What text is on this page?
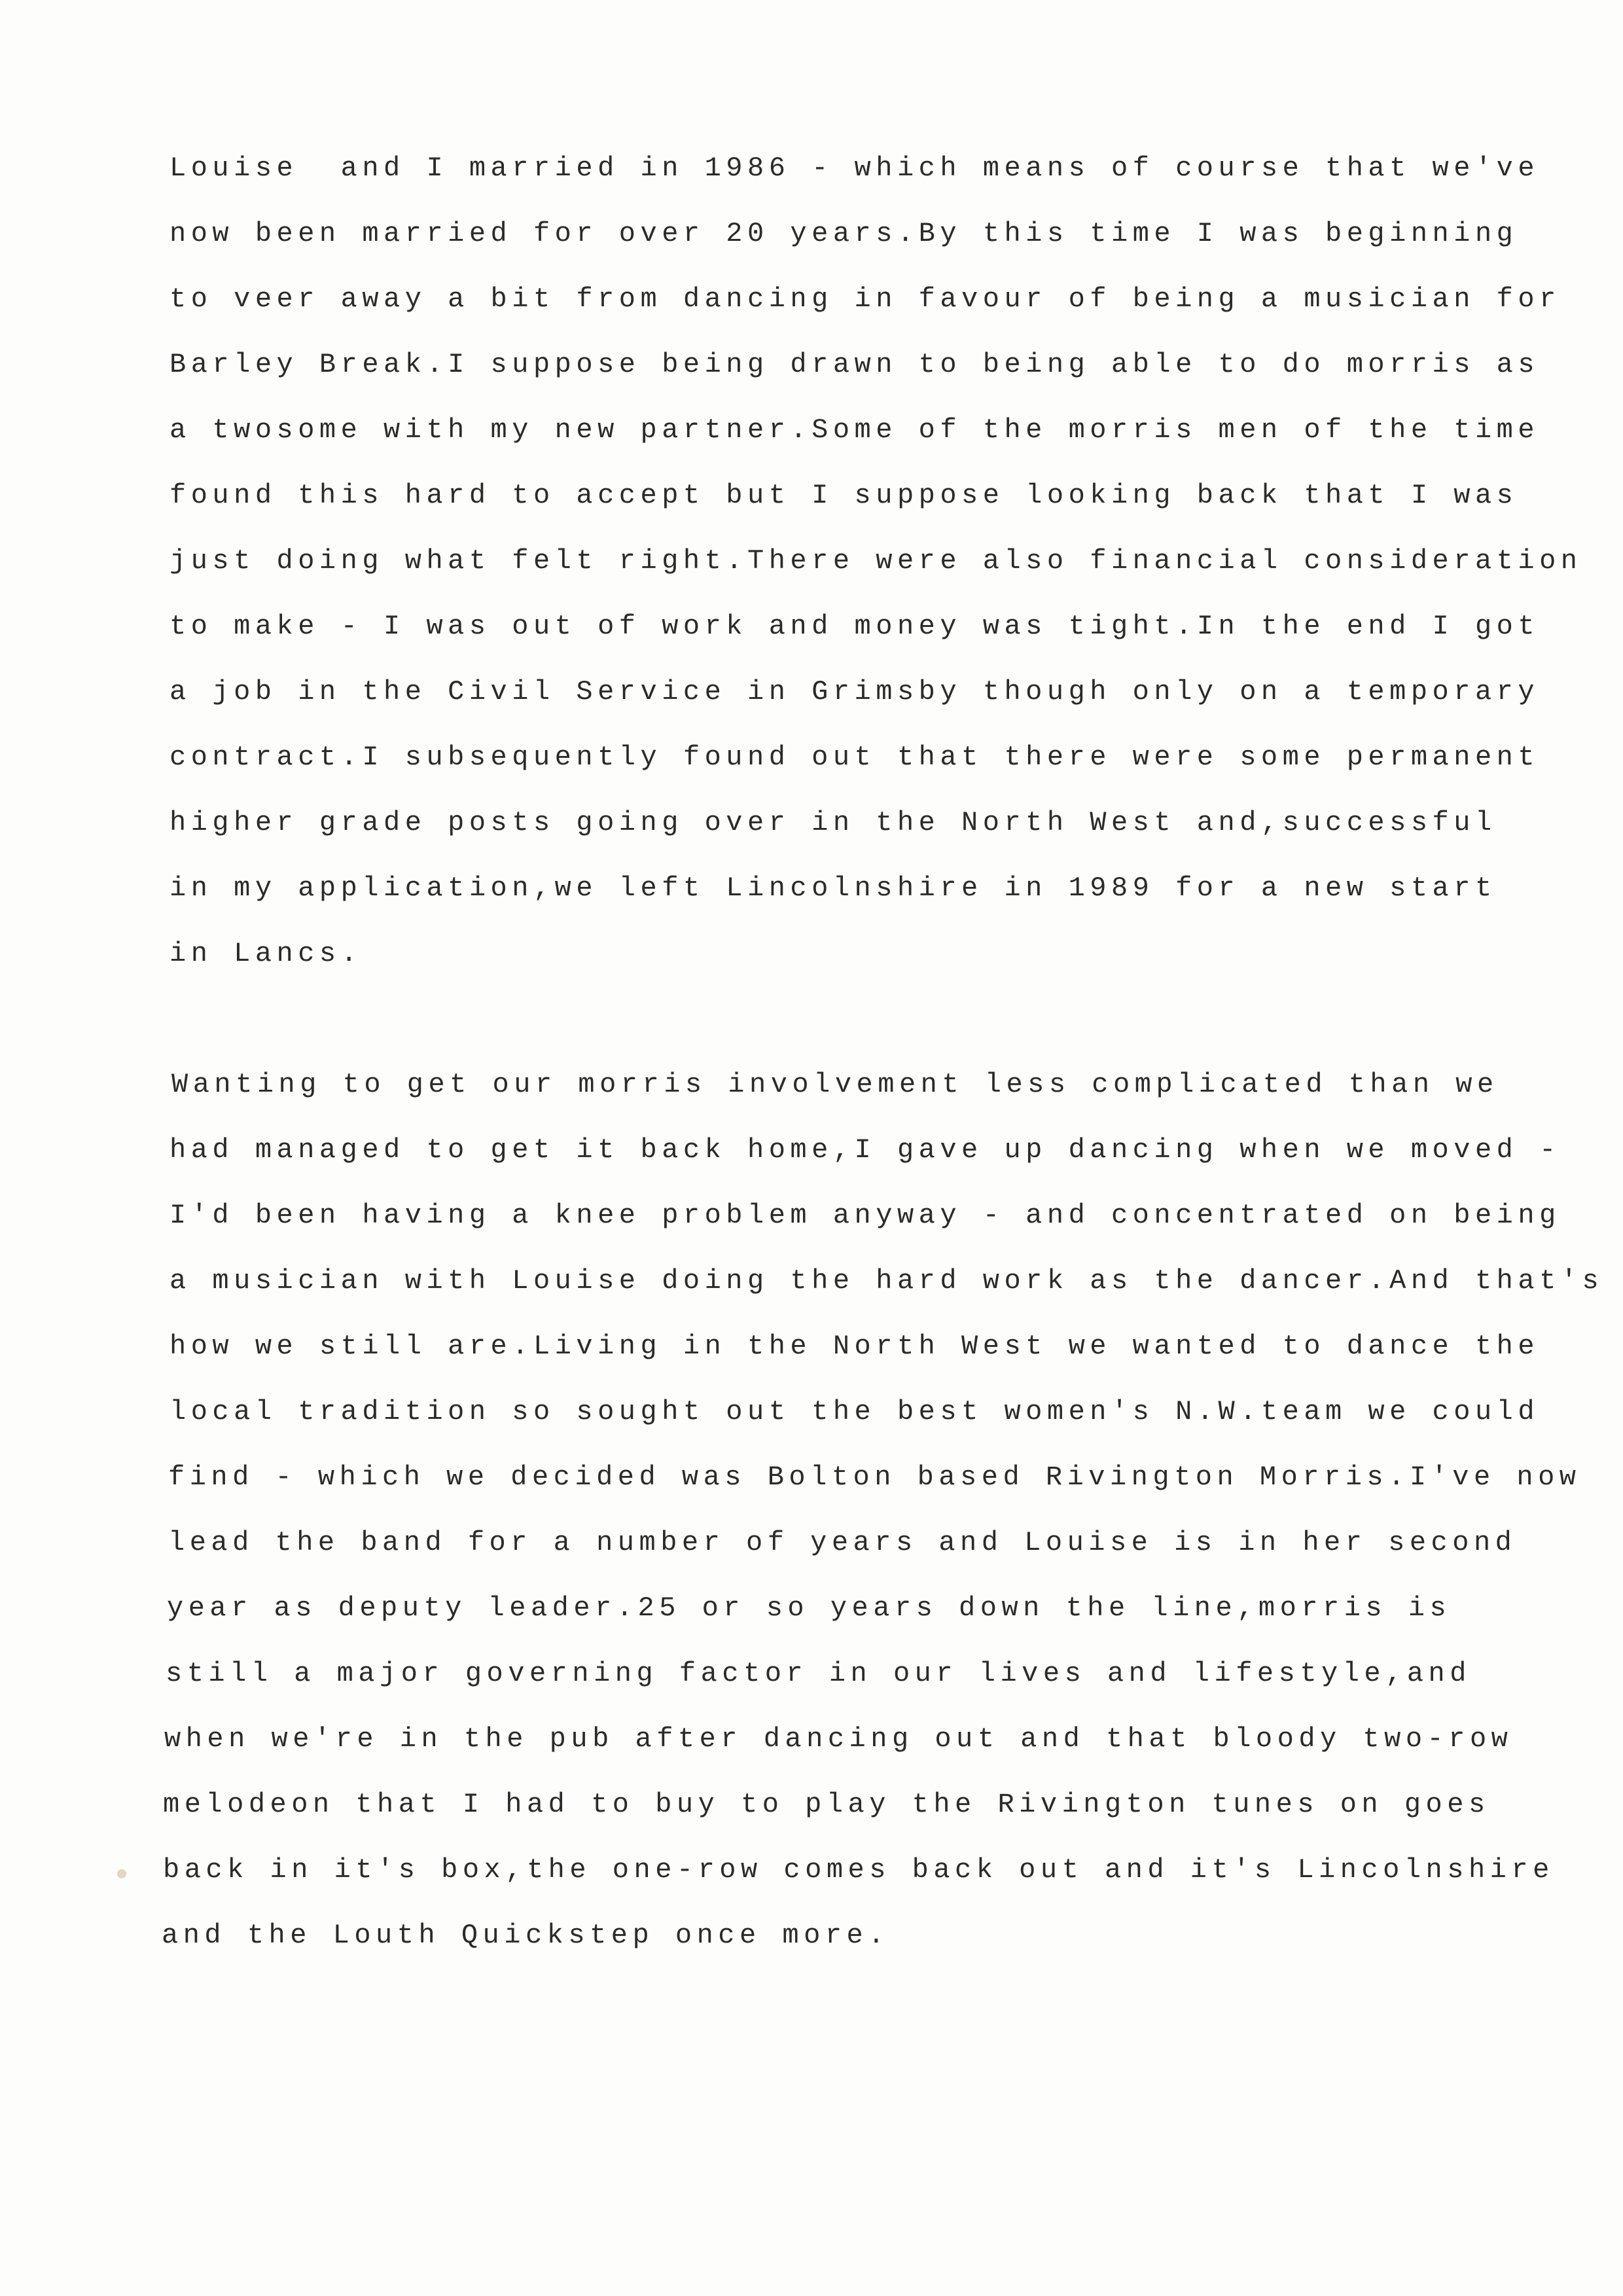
Louise  and I married in 1986 - which means of course that we've
now been married for over 20 years.By this time I was beginning
to veer away a bit from dancing in favour of being a musician for
Barley Break.I suppose being drawn to being able to do morris as
a twosome with my new partner.Some of the morris men of the time
found this hard to accept but I suppose looking back that I was
just doing what felt right.There were also financial consideration
to make - I was out of work and money was tight.In the end I got
a job in the Civil Service in Grimsby though only on a temporary
contract.I subsequently found out that there were some permanent
higher grade posts going over in the North West and,successful
in my application,we left Lincolnshire in 1989 for a new start
in Lancs.
Wanting to get our morris involvement less complicated than we
had managed to get it back home,I gave up dancing when we moved -
I'd been having a knee problem anyway - and concentrated on being
a musician with Louise doing the hard work as the dancer.And that's
how we still are.Living in the North West we wanted to dance the
local tradition so sought out the best women's N.W.team we could
find - which we decided was Bolton based Rivington Morris.I've now
lead the band for a number of years and Louise is in her second
year as deputy leader.25 or so years down the line,morris is
still a major governing factor in our lives and lifestyle,and
when we're in the pub after dancing out and that bloody two-row
melodeon that I had to buy to play the Rivington tunes on goes
back in it's box,the one-row comes back out and it's Lincolnshire
and the Louth Quickstep once more.
